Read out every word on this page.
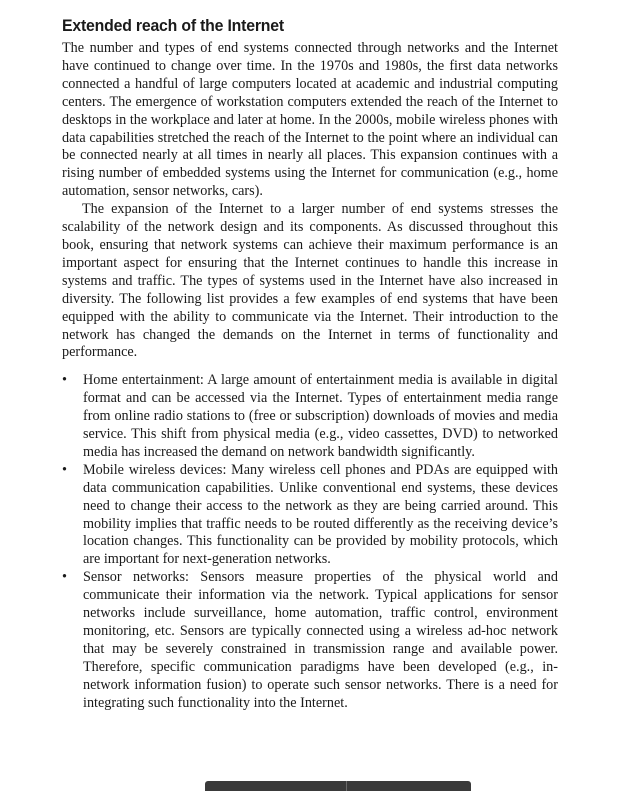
Extended reach of the Internet

The number and types of end systems connected through networks and the Internet have continued to change over time. In the 1970s and 1980s, the first data networks connected a handful of large computers located at academic and industrial computing centers. The emergence of workstation computers extended the reach of the Internet to desktops in the workplace and later at home. In the 2000s, mobile wireless phones with data capabilities stretched the reach of the Internet to the point where an individual can be connected nearly at all times in nearly all places. This expansion continues with a rising number of embedded systems using the Internet for communication (e.g., home automation, sensor networks, cars).

The expansion of the Internet to a larger number of end systems stresses the scalability of the network design and its components. As discussed throughout this book, ensuring that network systems can achieve their maximum performance is an important aspect for ensuring that the Internet continues to handle this increase in systems and traffic. The types of systems used in the Internet have also increased in diversity. The following list provides a few examples of end systems that have been equipped with the ability to communicate via the Internet. Their introduction to the network has changed the demands on the Internet in terms of functionality and performance.

•	Home entertainment: A large amount of entertainment media is available in digital format and can be accessed via the Internet. Types of entertainment media range from online radio stations to (free or subscription) downloads of movies and media service. This shift from physical media (e.g., video cassettes, DVD) to networked media has increased the demand on network bandwidth significantly.
•	Mobile wireless devices: Many wireless cell phones and PDAs are equipped with data communication capabilities. Unlike conventional end systems, these devices need to change their access to the network as they are being carried around. This mobility implies that traffic needs to be routed differently as the receiving device’s location changes. This functionality can be provided by mobility protocols, which are important for next-generation networks.
•	Sensor networks: Sensors measure properties of the physical world and communicate their information via the network. Typical applications for sensor networks include surveillance, home automation, traffic control, environment monitoring, etc. Sensors are typically connected using a wireless ad-hoc network that may be severely constrained in transmission range and available power. Therefore, specific communication paradigms have been developed (e.g., in-network information fusion) to operate such sensor networks. There is a need for integrating such functionality into the Internet.
